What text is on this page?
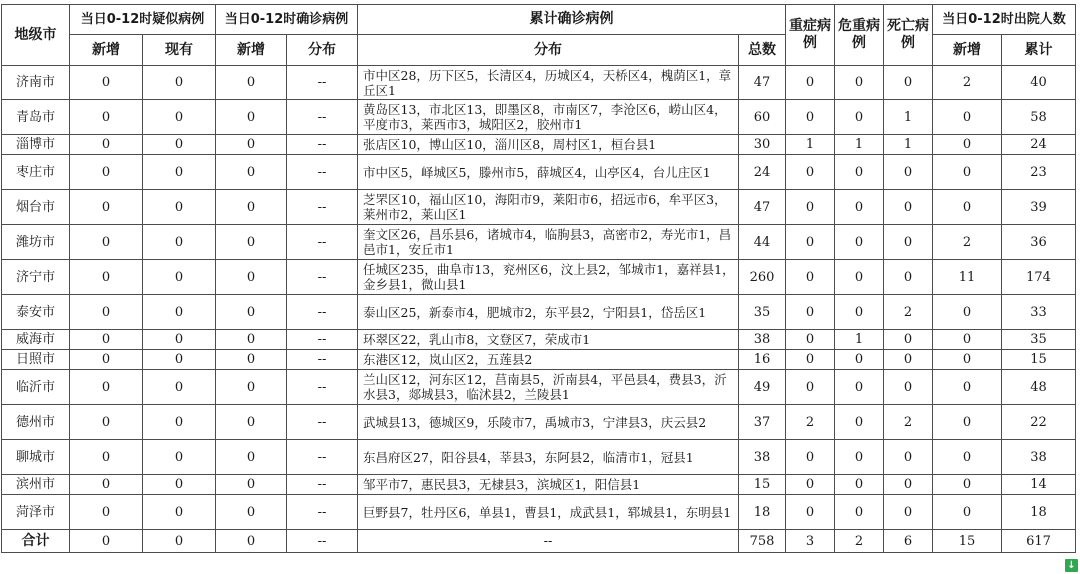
地级市	当日0-12时疑似病例		当日0-12时确诊病例		累计确诊病例		重症病例	危重病例	死亡病例	当日0-12时出院人数	
	新增	现有	新增	分布	分布	总数				新增	累计
济南市	0	0	0	--	市中区28，历下区5，长清区4，历城区4，天桥区4，槐荫区1，章丘区1	47	0	0	0	2	40
青岛市	0	0	0	--	黄岛区13，市北区13，即墨区8，市南区7，李沧区6，崂山区4，平度市3，莱西市3，城阳区2，胶州市1	60	0	0	1	0	58
淄博市	0	0	0	--	张店区10，博山区10，淄川区8，周村区1，桓台县1	30	1	1	1	0	24
枣庄市	0	0	0	--	市中区5，峄城区5，滕州市5，薛城区4，山亭区4，台儿庄区1	24	0	0	0	0	23
烟台市	0	0	0	--	芝罘区10，福山区10，海阳市9，莱阳市6，招远市6，牟平区3，莱州市2，莱山区1	47	0	0	0	0	39
潍坊市	0	0	0	--	奎文区26，昌乐县6，诸城市4，临朐县3，高密市2，寿光市1，昌邑市1，安丘市1	44	0	0	0	2	36
济宁市	0	0	0	--	任城区235，曲阜市13，兖州区6，汶上县2，邹城市1，嘉祥县1，金乡县1，微山县1	260	0	0	0	11	174
泰安市	0	0	0	--	泰山区25，新泰市4，肥城市2，东平县2，宁阳县1，岱岳区1	35	0	0	2	0	33
威海市	0	0	0	--	环翠区22，乳山市8，文登区7，荣成市1	38	0	1	0	0	35
日照市	0	0	0	--	东港区12，岚山区2，五莲县2	16	0	0	0	0	15
临沂市	0	0	0	--	兰山区12，河东区12，莒南县5，沂南县4，平邑县4，费县3，沂水县3，郯城县3，临沭县2，兰陵县1	49	0	0	0	0	48
德州市	0	0	0	--	武城县13，德城区9，乐陵市7，禹城市3，宁津县3，庆云县2	37	2	0	2	0	22
聊城市	0	0	0	--	东昌府区27，阳谷县4，莘县3，东阿县2，临清市1，冠县1	38	0	0	0	0	38
滨州市	0	0	0	--	邹平市7，惠民县3，无棣县3，滨城区1，阳信县1	15	0	0	0	0	14
菏泽市	0	0	0	--	巨野县7，牡丹区6，单县1，曹县1，成武县1，郓城县1，东明县1	18	0	0	0	0	18
合计	0	0	0	--	--	758	3	2	6	15	617
↓
